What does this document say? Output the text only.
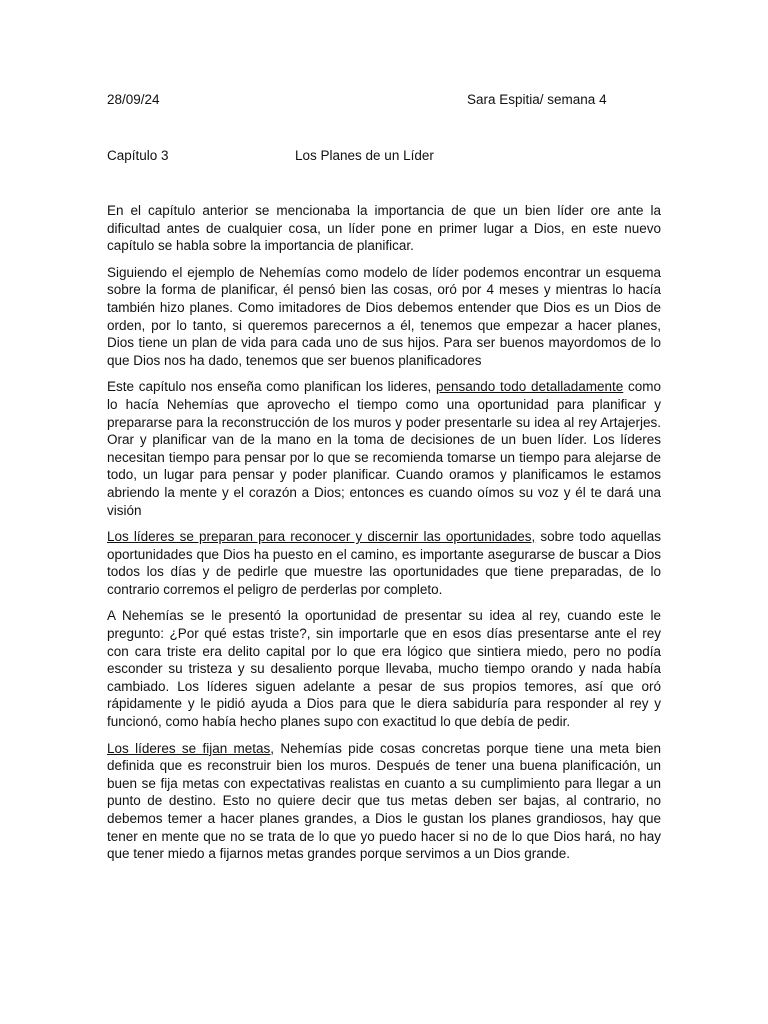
28/09/24	Sara Espitia/ semana 4
Capítulo 3	Los Planes de un Líder

En el capítulo anterior se mencionaba la importancia de que un bien líder ore ante la dificultad antes de cualquier cosa, un líder pone en primer lugar a Dios, en este nuevo capítulo se habla sobre la importancia de planificar.

Siguiendo el ejemplo de Nehemías como modelo de líder podemos encontrar un esquema sobre la forma de planificar, él pensó bien las cosas, oró por 4 meses y mientras lo hacía también hizo planes. Como imitadores de Dios debemos entender que Dios es un Dios de orden, por lo tanto, si queremos parecernos a él, tenemos que empezar a hacer planes, Dios tiene un plan de vida para cada uno de sus hijos. Para ser buenos mayordomos de lo que Dios nos ha dado, tenemos que ser buenos planificadores

Este capítulo nos enseña como planifican los lideres, pensando todo detalladamente como lo hacía Nehemías que aprovecho el tiempo como una oportunidad para planificar y prepararse para la reconstrucción de los muros y poder presentarle su idea al rey Artajerjes. Orar y planificar van de la mano en la toma de decisiones de un buen líder. Los líderes necesitan tiempo para pensar por lo que se recomienda tomarse un tiempo para alejarse de todo, un lugar para pensar y poder planificar. Cuando oramos y planificamos le estamos abriendo la mente y el corazón a Dios; entonces es cuando oímos su voz y él te dará una visión

Los líderes se preparan para reconocer y discernir las oportunidades, sobre todo aquellas oportunidades que Dios ha puesto en el camino, es importante asegurarse de buscar a Dios todos los días y de pedirle que muestre las oportunidades que tiene preparadas, de lo contrario corremos el peligro de perderlas por completo.

A Nehemías se le presentó la oportunidad de presentar su idea al rey, cuando este le pregunto: ¿Por qué estas triste?, sin importarle que en esos días presentarse ante el rey con cara triste era delito capital por lo que era lógico que sintiera miedo, pero no podía esconder su tristeza y su desaliento porque llevaba, mucho tiempo orando y nada había cambiado. Los líderes siguen adelante a pesar de sus propios temores, así que oró rápidamente y le pidió ayuda a Dios para que le diera sabiduría para responder al rey y funcionó, como había hecho planes supo con exactitud lo que debía de pedir.

Los líderes se fijan metas, Nehemías pide cosas concretas porque tiene una meta bien definida que es reconstruir bien los muros. Después de tener una buena planificación, un buen se fija metas con expectativas realistas en cuanto a su cumplimiento para llegar a un punto de destino. Esto no quiere decir que tus metas deben ser bajas, al contrario, no debemos temer a hacer planes grandes, a Dios le gustan los planes grandiosos, hay que tener en mente que no se trata de lo que yo puedo hacer si no de lo que Dios hará, no hay que tener miedo a fijarnos metas grandes porque servimos a un Dios grande.
